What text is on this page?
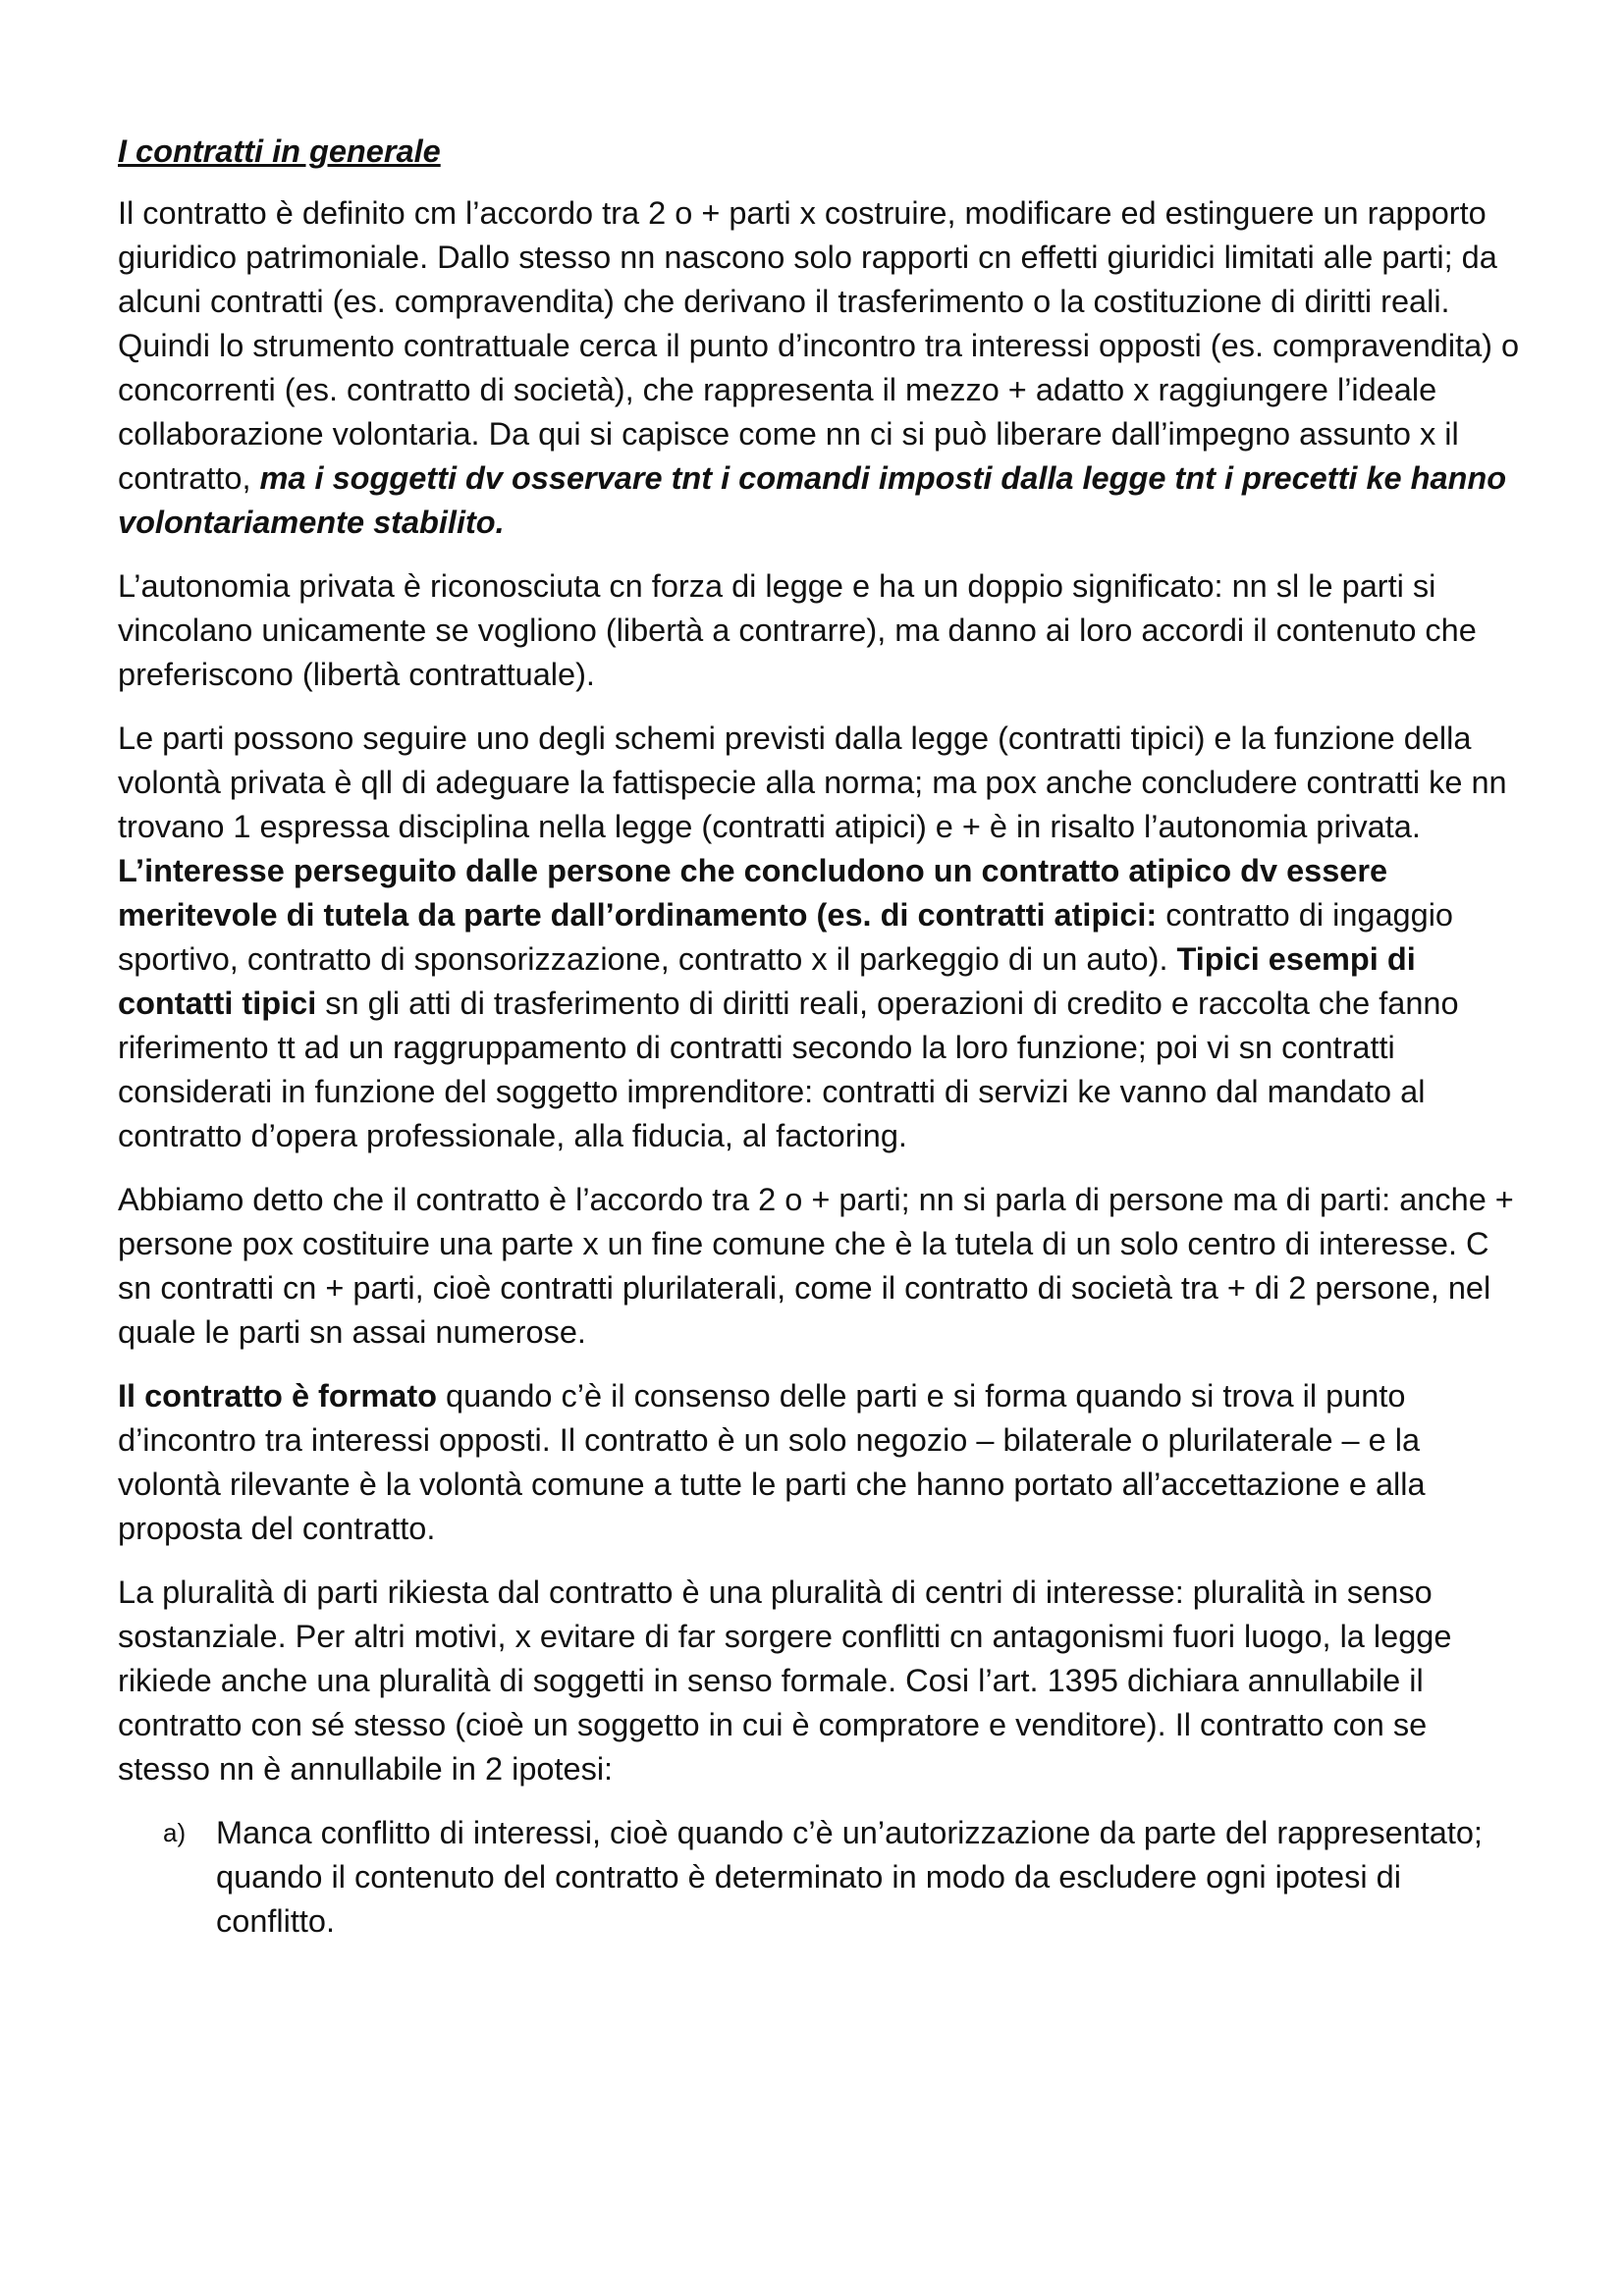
I contratti in generale

Il contratto è definito cm l’accordo tra 2 o + parti x costruire, modificare ed estinguere un rapporto giuridico patrimoniale. Dallo stesso nn nascono solo rapporti cn effetti giuridici limitati alle parti; da alcuni contratti (es. compravendita) che derivano il trasferimento o la costituzione di diritti reali. Quindi lo strumento contrattuale cerca il punto d’incontro tra interessi opposti (es. compravendita) o concorrenti (es. contratto di società), che rappresenta il mezzo + adatto x raggiungere l’ideale collaborazione volontaria. Da qui si capisce come nn ci si può liberare dall’impegno assunto x il contratto, ma i soggetti dv osservare tnt i comandi imposti dalla legge tnt i precetti ke hanno volontariamente stabilito.

L’autonomia privata è riconosciuta cn forza di legge e ha un doppio significato: nn sl le parti si vincolano unicamente se vogliono (libertà a contrarre), ma danno ai loro accordi il contenuto che preferiscono (libertà contrattuale).

Le parti possono seguire uno degli schemi previsti dalla legge (contratti tipici) e la funzione della volontà privata è qll di adeguare la fattispecie alla norma; ma pox anche concludere contratti ke nn trovano 1 espressa disciplina nella legge (contratti atipici) e + è in risalto l’autonomia privata. L’interesse perseguito dalle persone che concludono un contratto atipico dv essere meritevole di tutela da parte dall’ordinamento (es. di contratti atipici: contratto di ingaggio sportivo, contratto di sponsorizzazione, contratto x il parkeggio di un auto). Tipici esempi di contatti tipici sn gli atti di trasferimento di diritti reali, operazioni di credito e raccolta che fanno riferimento tt ad un raggruppamento di contratti secondo la loro funzione; poi vi sn contratti considerati in funzione del soggetto imprenditore: contratti di servizi ke vanno dal mandato al contratto d’opera professionale, alla fiducia, al factoring.

Abbiamo detto che il contratto è l’accordo tra 2 o + parti; nn si parla di persone ma di parti: anche + persone pox costituire una parte x un fine comune che è la tutela di un solo centro di interesse. C sn contratti cn + parti, cioè contratti plurilaterali, come il contratto di società tra + di 2 persone, nel quale le parti sn assai numerose.

Il contratto è formato quando c’è il consenso delle parti e si forma quando si trova il punto d’incontro tra interessi opposti. Il contratto è un solo negozio – bilaterale o plurilaterale – e la volontà rilevante è la volontà comune a tutte le parti che hanno portato all’accettazione e alla proposta del contratto.

La pluralità di parti rikiesta dal contratto è una pluralità di centri di interesse: pluralità in senso sostanziale. Per altri motivi, x evitare di far sorgere conflitti cn antagonismi fuori luogo, la legge rikiede anche una pluralità di soggetti in senso formale. Cosi l’art. 1395 dichiara annullabile il contratto con sé stesso (cioè un soggetto in cui è compratore e venditore). Il contratto con se stesso nn è annullabile in 2 ipotesi:

a) Manca conflitto di interessi, cioè quando c’è un’autorizzazione da parte del rappresentato; quando il contenuto del contratto è determinato in modo da escludere ogni ipotesi di conflitto.
